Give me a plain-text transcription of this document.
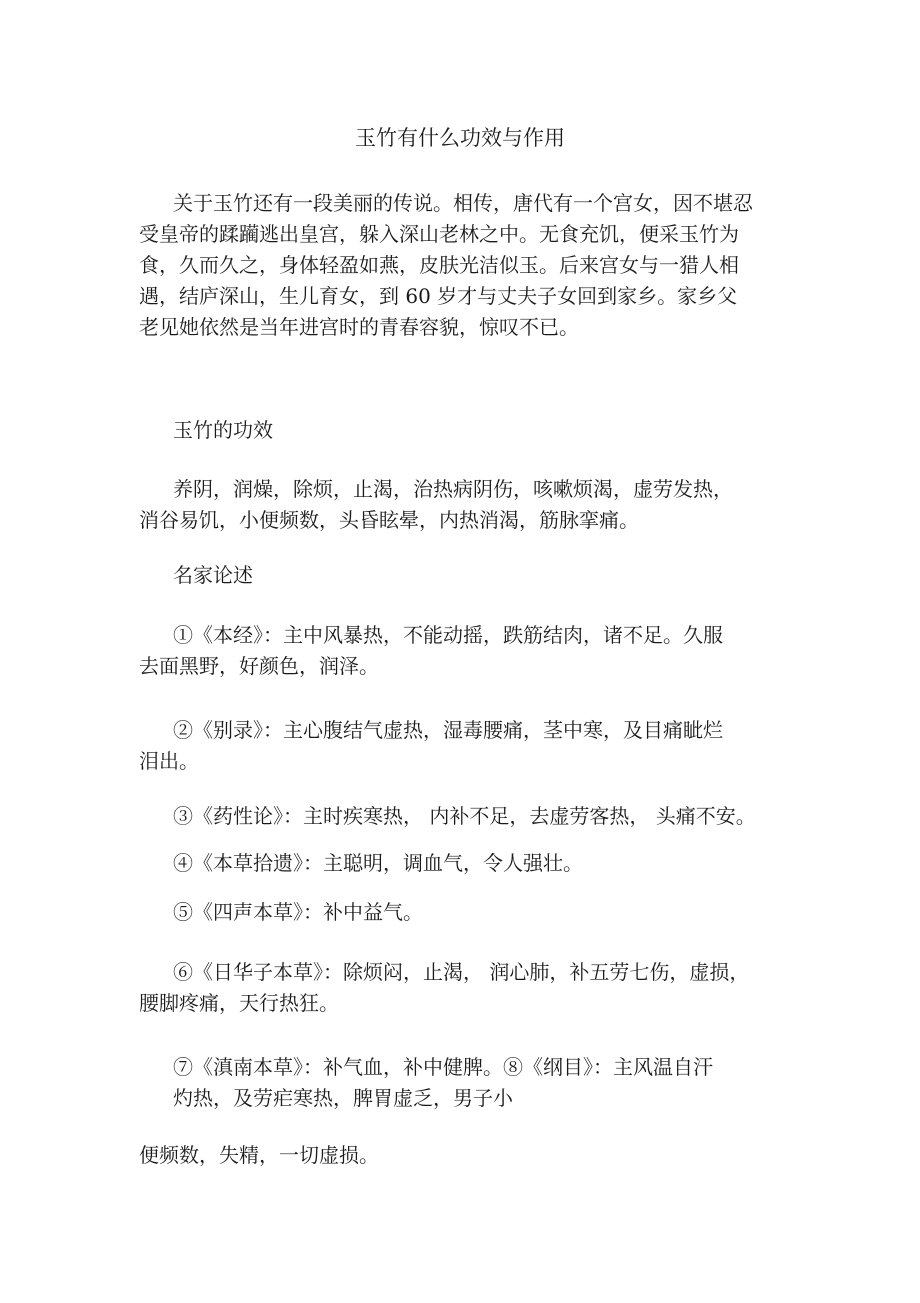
玉竹有什么功效与作用

关于玉竹还有一段美丽的传说。相传，唐代有一个宫女，因不堪忍

受皇帝的蹂躏逃出皇宫，躲入深山老林之中。无食充饥，便采玉竹为

食，久而久之，身体轻盈如燕，皮肤光洁似玉。后来宫女与一猎人相

遇，结庐深山，生儿育女，到 60 岁才与丈夫子女回到家乡。家乡父

老见她依然是当年进宫时的青春容貌，惊叹不已。

玉竹的功效

养阴，润燥，除烦，止渴，治热病阴伤，咳嗽烦渴，虚劳发热，

消谷易饥，小便频数，头昏眩晕，内热消渴，筋脉挛痛。

名家论述

①《本经》：主中风暴热，不能动摇，跌筋结肉，诸不足。久服

去面黑野，好颜色，润泽。

②《别录》：主心腹结气虚热，湿毒腰痛，茎中寒，及目痛眦烂

泪出。

③《药性论》：主时疾寒热， 内补不足，去虚劳客热， 头痛不安。

④《本草拾遗》：主聪明，调血气，令人强壮。

⑤《四声本草》：补中益气。

⑥《日华子本草》：除烦闷，止渴， 润心肺，补五劳七伤，虚损，

腰脚疼痛，天行热狂。

⑦《滇南本草》：补气血，补中健脾。⑧《纲目》：主风温自汗

灼热，及劳疟寒热，脾胃虚乏，男子小

便频数，失精，一切虚损。
